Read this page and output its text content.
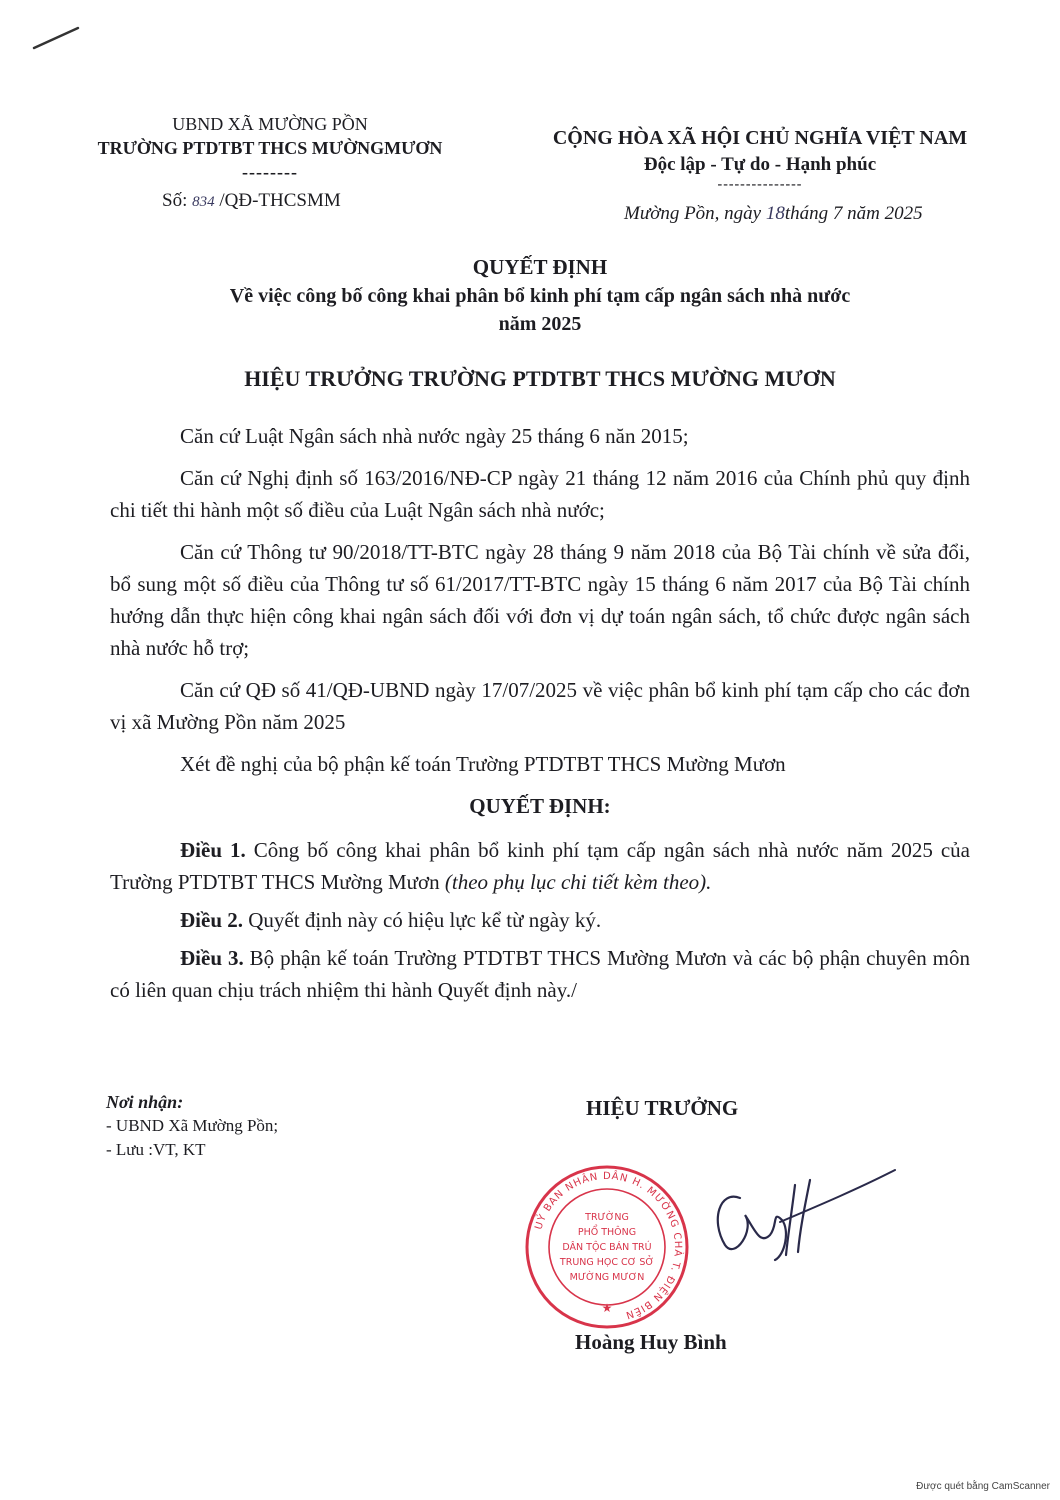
UBND XÃ MƯỜNG PỒN
TRƯỜNG PTDTBT THCS MƯỜNGMƯƠN
--------
Số: 834 /QĐ-THCSMM
CỘNG HÒA XÃ HỘI CHỦ NGHĨA VIỆT NAM
Độc lập - Tự do - Hạnh phúc
---------------
Mường Pồn, ngày 18tháng 7 năm 2025
QUYẾT ĐỊNH
Về việc công bố công khai phân bổ kinh phí tạm cấp ngân sách nhà nước
năm 2025
HIỆU TRƯỞNG TRƯỜNG PTDTBT THCS MƯỜNG MƯƠN

Căn cứ Luật Ngân sách nhà nước ngày 25 tháng 6 năn 2015;

Căn cứ Nghị định số 163/2016/NĐ-CP ngày 21 tháng 12 năm 2016 của Chính phủ quy định chi tiết thi hành một số điều của Luật Ngân sách nhà nước;

Căn cứ Thông tư 90/2018/TT-BTC ngày 28 tháng 9 năm 2018 của Bộ Tài chính về sửa đổi, bổ sung một số điều của Thông tư số 61/2017/TT-BTC ngày 15 tháng 6 năm 2017 của Bộ Tài chính hướng dẫn thực hiện công khai ngân sách đối với đơn vị dự toán ngân sách, tổ chức được ngân sách nhà nước hỗ trợ;

Căn cứ QĐ số 41/QĐ-UBND ngày 17/07/2025 về việc phân bổ kinh phí tạm cấp cho các đơn vị xã Mường Pồn năm 2025

Xét đề nghị của bộ phận kế toán Trường PTDTBT THCS Mường Mươn

QUYẾT ĐỊNH:

Điều 1. Công bố công khai phân bổ kinh phí tạm cấp ngân sách nhà nước năm 2025 của Trường PTDTBT THCS Mường Mươn (theo phụ lục chi tiết kèm theo).

Điều 2. Quyết định này có hiệu lực kể từ ngày ký.

Điều 3. Bộ phận kế toán Trường PTDTBT THCS Mường Mươn và các bộ phận chuyên môn có liên quan chịu trách nhiệm thi hành Quyết định này./

Nơi nhận:
- UBND Xã Mường Pồn;
- Lưu :VT, KT
HIỆU TRƯỞNG
UỶ BAN NHÂN DÂN H. MƯỜNG CHÀ T. ĐIỆN BIÊN
TRƯỜNG
PHỔ THÔNG
DÂN TỘC BÁN TRÚ
TRUNG HỌC CƠ SỞ
MƯỜNG MƯƠN
★
Hoàng Huy Bình
Được quét bằng CamScanner
